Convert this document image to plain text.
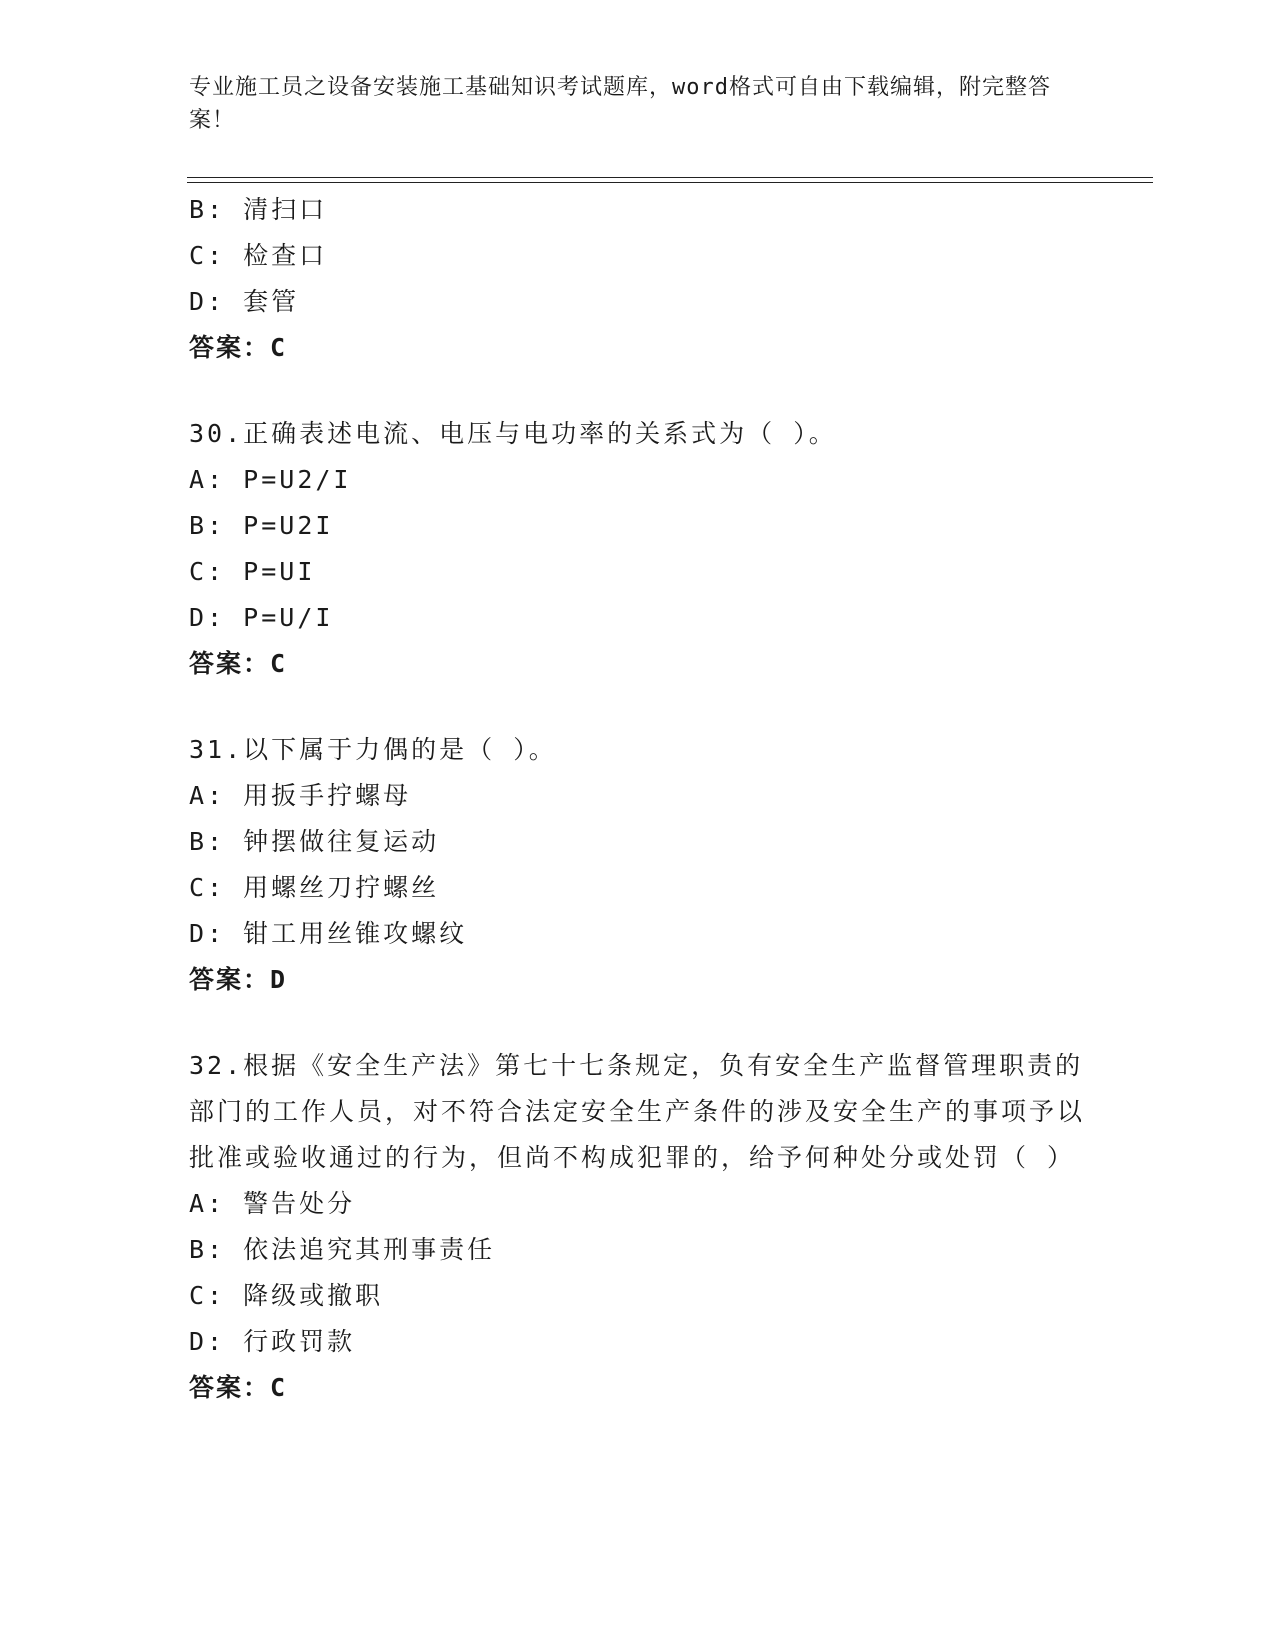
专业施工员之设备安装施工基础知识考试题库，word格式可自由下载编辑，附完整答案！
B: 清扫口
C: 检查口
D: 套管
答案：C
30.正确表述电流、电压与电功率的关系式为（ ）。
A: P=U2/I
B: P=U2I
C: P=UI
D: P=U/I
答案：C
31.以下属于力偶的是（ ）。
A: 用扳手拧螺母
B: 钟摆做往复运动
C: 用螺丝刀拧螺丝
D: 钳工用丝锥攻螺纹
答案：D
32.根据《安全生产法》第七十七条规定，负有安全生产监督管理职责的部门的工作人员，对不符合法定安全生产条件的涉及安全生产的事项予以批准或验收通过的行为，但尚不构成犯罪的，给予何种处分或处罚（ ）
A: 警告处分
B: 依法追究其刑事责任
C: 降级或撤职
D: 行政罚款
答案：C
